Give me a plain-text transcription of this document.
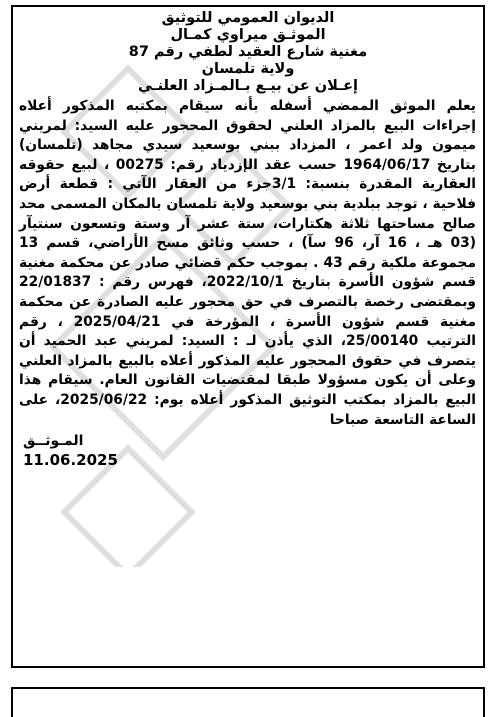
الديوان العمومي للتوثيق
الموثـق ميراوي كمـال
مغنية شارع العقيد لطفي رقم 87
ولاية تلمسان
إعـلان عن بيـع بـالمـزاد العلنـي

يعلم الموثق الممضي أسفله بأنه سيقام بمكتبه المذكور أعلاه إجراءات البيع بالمزاد العلني لحقوق المحجور عليه السيد: لمريني ميمون ولد اعمر ، المزداد ببني بوسعيد سيدي مجاهد (تلمسان) بتاريخ 1964/06/17 حسب عقد الإزدياد رقم: 00275 ، لبيع حقوقه العقارية المقدرة بنسبة: 3/1جزء من العقار الآتي : قطعة أرض فلاحية ، توجد ببلدية بني بوسعيد ولاية تلمسان بالمكان المسمى محد صالح مساحتها ثلاثة هكتارات، ستة عشر آر وستة وتسعون سنتيآر (03 هـ ، 16 آر، 96 سآ) ، حسب وثائق مسح الأراضي، قسم 13 مجموعة ملكية رقم 43 . بموجب حكم قضائي صادر عن محكمة مغنية قسم شؤون الأسرة بتاريخ 2022/10/1، فهرس رقم : 22/01837 وبمقتضى رخصة بالتصرف في حق محجور عليه الصادرة عن محكمة مغنية قسم شؤون الأسرة ، المؤرخة في 2025/04/21 ، رقم الترتيب 25/00140، الذي يأذن لـ : السيد: لمريني عبد الحميد أن يتصرف في حقوق المحجور عليه المذكور أعلاه بالبيع بالمزاد العلني وعلى أن يكون مسؤولا طبقا لمقتضيات القانون العام. سيقام هذا البيع بالمزاد بمكتب التوثيق المذكور أعلاه يوم: 2025/06/22، على الساعة التاسعة صباحا

المـوثــق
11.06.2025
